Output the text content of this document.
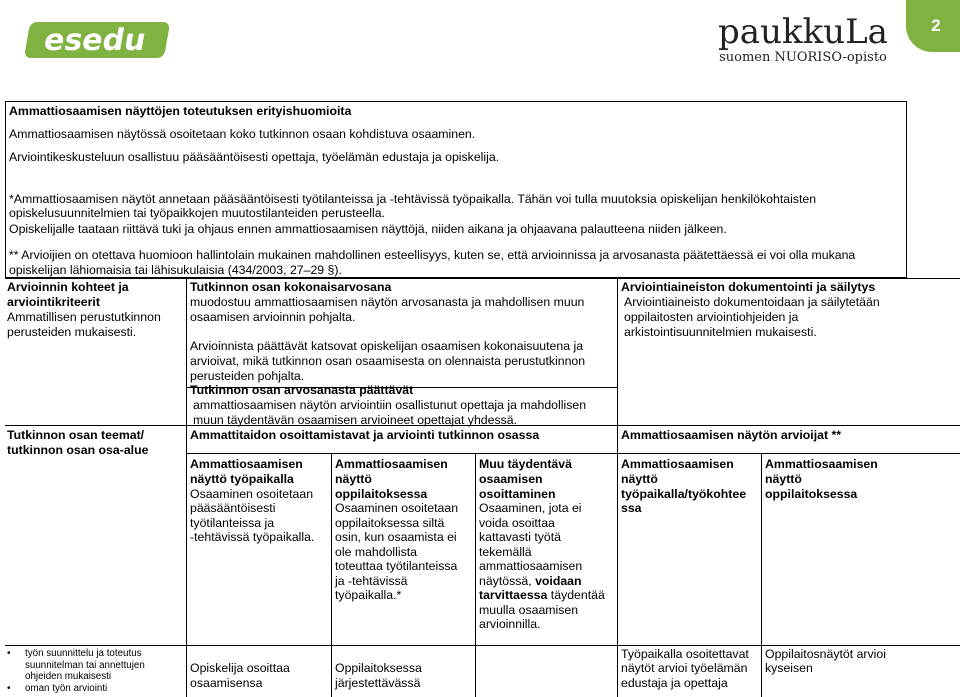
esedu	paukkuLa
suomen NUORISO-opisto
2
Ammattiosaamisen näyttöjen toteutuksen erityishuomioita
Ammattiosaamisen näytössä osoitetaan koko tutkinnon osaan kohdistuva osaaminen.
Arviointikeskusteluun osallistuu pääsääntöisesti opettaja, työelämän edustaja ja opiskelija.
*Ammattiosaamisen näytöt annetaan pääsääntöisesti työtilanteissa ja -tehtävissä työpaikalla. Tähän voi tulla muutoksia opiskelijan henkilökohtaisten
opiskelusuunnitelmien tai työpaikkojen muutostilanteiden perusteella.
Opiskelijalle taataan riittävä tuki ja ohjaus ennen ammattiosaamisen näyttöjä, niiden aikana ja ohjaavana palautteena niiden jälkeen.
** Arvioijien on otettava huomioon hallintolain mukainen mahdollinen esteellisyys, kuten se, että arvioinnissa ja arvosanasta päätettäessä ei voi olla mukana
opiskelijan lähiomaisia tai lähisukulaisia (434/2003, 27–29 §).
Arvioinnin kohteet ja
arviointikriteerit
Ammatillisen perustutkinnon
perusteiden mukaisesti.
Tutkinnon osan kokonaisarvosana
muodostuu ammattiosaamisen näytön arvosanasta ja mahdollisen muun
osaamisen arvioinnin pohjalta.
Arvioinnista päättävät katsovat opiskelijan osaamisen kokonaisuutena ja
arvioivat, mikä tutkinnon osan osaamisesta on olennaista perustutkinnon
perusteiden pohjalta.
Tutkinnon osan arvosanasta päättävät
ammattiosaamisen näytön arviointiin osallistunut opettaja ja mahdollisen
muun täydentävän osaamisen arvioineet opettajat yhdessä.
Arviointiaineiston dokumentointi ja säilytys
Arviointiaineisto dokumentoidaan ja säilytetään
oppilaitosten arviointiohjeiden ja
arkistointisuunnitelmien mukaisesti.
Tutkinnon osan teemat/
tutkinnon osan osa-alue
Ammattitaidon osoittamistavat ja arviointi tutkinnon osassa	Ammattiosaamisen näytön arvioijat **
Ammattiosaamisen
näyttö työpaikalla
Osaaminen osoitetaan
pääsääntöisesti
työtilanteissa ja
-tehtävissä työpaikalla.
Ammattiosaamisen
näyttö
oppilaitoksessa
Osaaminen osoitetaan
oppilaitoksessa siltä
osin, kun osaamista ei
ole mahdollista
toteuttaa työtilanteissa
ja -tehtävissä
työpaikalla.*
Muu täydentävä
osaamisen
osoittaminen
Osaaminen, jota ei
voida osoittaa
kattavasti työtä
tekemällä
ammattiosaamisen
näytössä, voidaan
tarvittaessa täydentää
muulla osaamisen
arvioinnilla.
Ammattiosaamisen
näyttö
työpaikalla/työkohtee
ssa
Ammattiosaamisen
näyttö
oppilaitoksessa
• työn suunnittelu ja toteutus
suunnitelman tai annettujen
ohjeiden mukaisesti
• oman työn arviointi
Opiskelija osoittaa
osaamisensa
Oppilaitoksessa
järjestettävässä
Työpaikalla osoitettavat
näytöt arvioi työelämän
edustaja ja opettaja
Oppilaitosnäytöt arvioi
kyseisen
